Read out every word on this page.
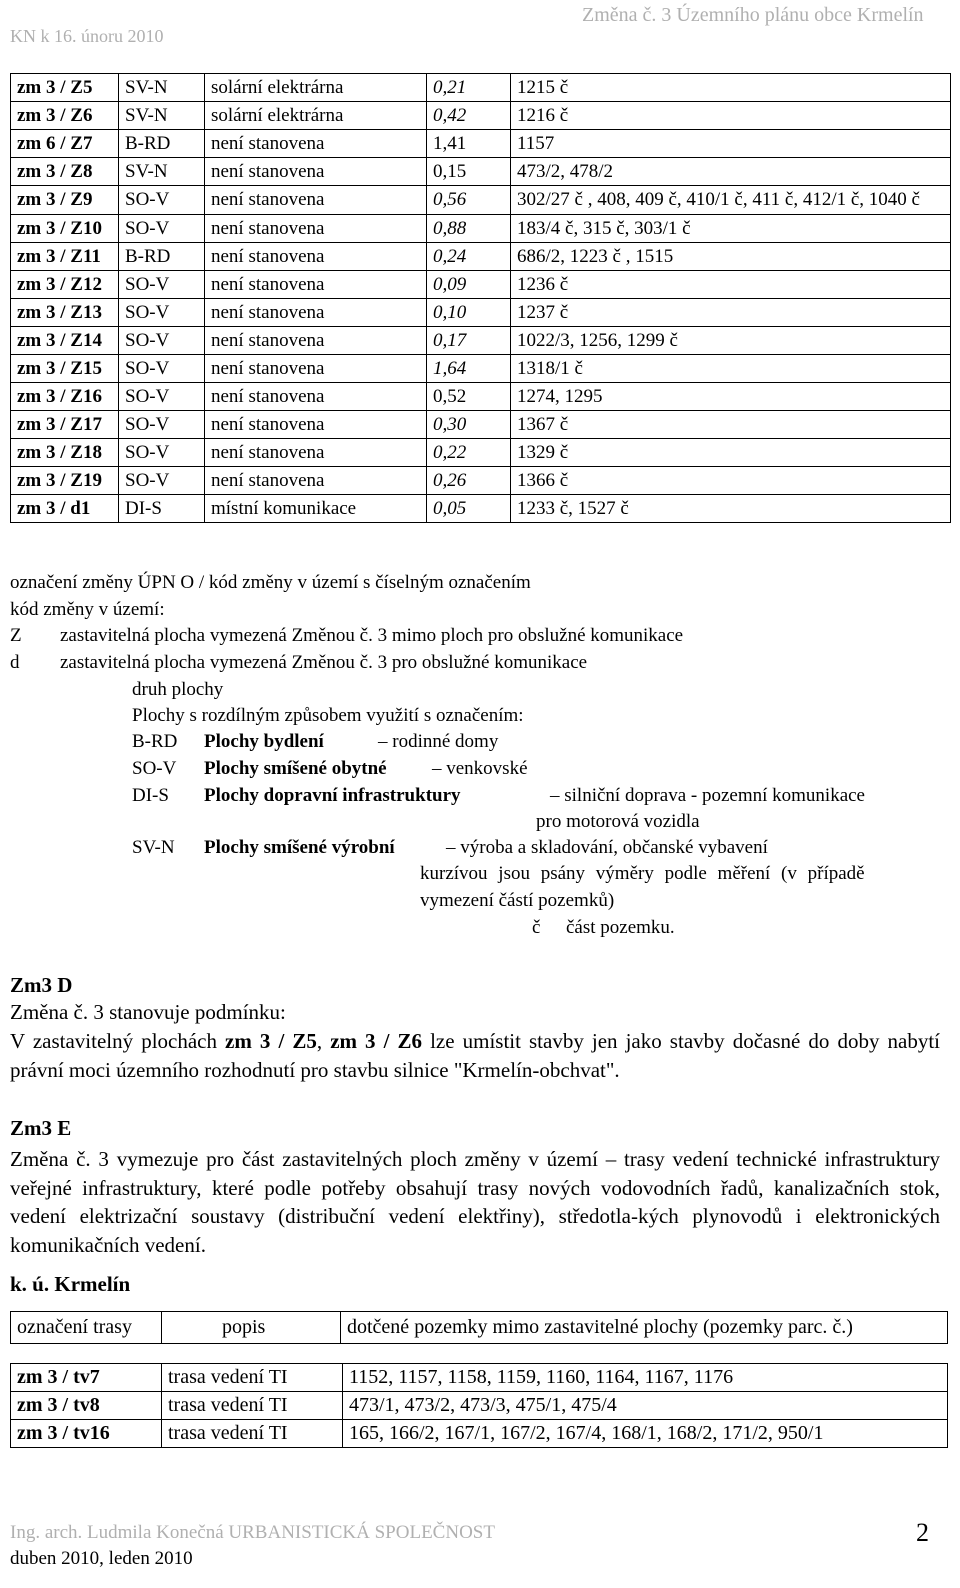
KN k 16. únoru 2010
Změna č. 3 Územního plánu obce Krmelín
zm 3 / Z5	SV-N	solární elektrárna	0,21	1215 č
zm 3 / Z6	SV-N	solární elektrárna	0,42	1216 č
zm 6 / Z7	B-RD	není stanovena	1,41	1157
zm 3 / Z8	SV-N	není stanovena	0,15	473/2, 478/2
zm 3 / Z9	SO-V	není stanovena	0,56	302/27 č , 408, 409 č, 410/1 č, 411 č, 412/1 č, 1040 č
zm 3 / Z10	SO-V	není stanovena	0,88	183/4 č, 315 č, 303/1 č
zm 3 / Z11	B-RD	není stanovena	0,24	686/2, 1223 č , 1515
zm 3 / Z12	SO-V	není stanovena	0,09	1236 č
zm 3 / Z13	SO-V	není stanovena	0,10	1237 č
zm 3 / Z14	SO-V	není stanovena	0,17	1022/3, 1256, 1299 č
zm 3 / Z15	SO-V	není stanovena	1,64	1318/1 č
zm 3 / Z16	SO-V	není stanovena	0,52	1274, 1295
zm 3 / Z17	SO-V	není stanovena	0,30	1367 č
zm 3 / Z18	SO-V	není stanovena	0,22	1329 č
zm 3 / Z19	SO-V	není stanovena	0,26	1366 č
zm 3 / d1	DI-S	místní komunikace	0,05	1233 č, 1527 č
označení změny ÚPN O / kód změny v území s číselným označením
kód změny v území:
Z zastavitelná plocha vymezená Změnou č. 3 mimo ploch pro obslužné komunikace
d zastavitelná plocha vymezená Změnou č. 3 pro obslužné komunikace
druh plochy
Plochy s rozdílným způsobem využití s označením:
B-RD Plochy bydlení	– rodinné domy
SO-V Plochy smíšené obytné – venkovské
DI-S Plochy dopravní infrastruktury	– silniční doprava - pozemní komunikace
pro motorová vozidla
SV-N Plochy smíšené výrobní	– výroba a skladování, občanské vybavení
kurzívou jsou psány výměry podle měření (v případě
vymezení částí pozemků)
č část pozemku.
Zm3 D
Změna č. 3 stanovuje podmínku:
V zastavitelný plochách zm 3 / Z5, zm 3 / Z6 lze umístit stavby jen jako stavby dočasné do doby nabytí právní moci územního rozhodnutí pro stavbu silnice "Krmelín-obchvat".
Zm3 E
Změna č. 3 vymezuje pro část zastavitelných ploch změny v území – trasy vedení technické infrastruktury veřejné infrastruktury, které podle potřeby obsahují trasy nových vodovodních řadů, kanalizačních stok, vedení elektrizační soustavy (distribuční vedení elektřiny), středotla-kých plynovodů i elektronických komunikačních vedení.
k. ú. Krmelín
označení trasy	popis	dotčené pozemky mimo zastavitelné plochy (pozemky parc. č.)
zm 3 / tv7	trasa vedení TI	1152, 1157, 1158, 1159, 1160, 1164, 1167, 1176
zm 3 / tv8	trasa vedení TI	473/1, 473/2, 473/3, 475/1, 475/4
zm 3 / tv16	trasa vedení TI	165, 166/2, 167/1, 167/2, 167/4, 168/1, 168/2, 171/2, 950/1
Ing. arch. Ludmila Konečná URBANISTICKÁ SPOLEČNOST
duben 2010, leden 2010
2
